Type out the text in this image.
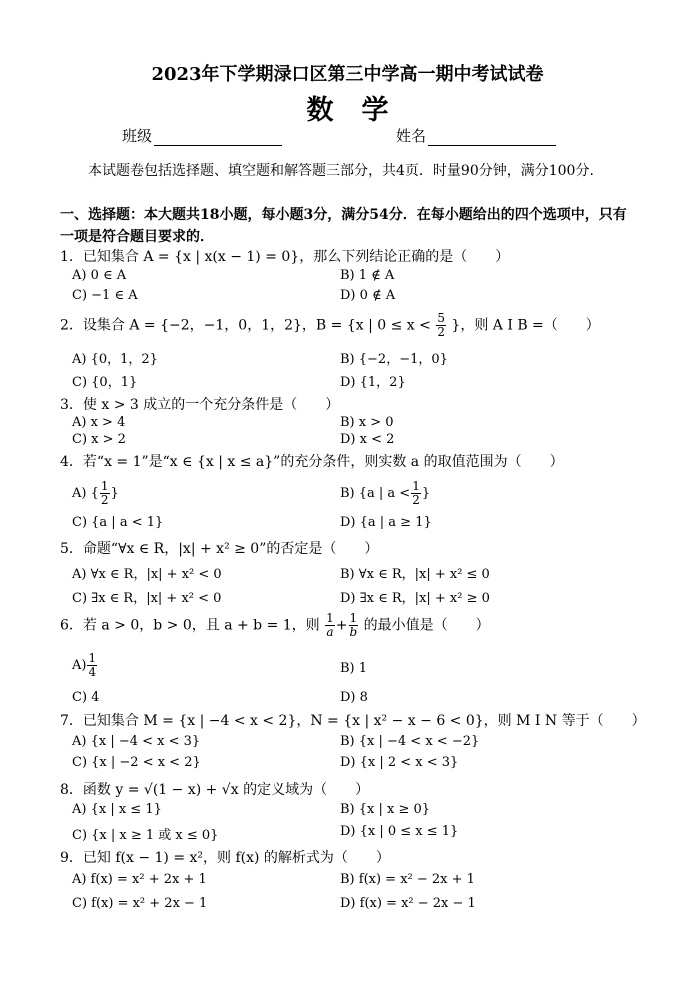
2023年下学期渌口区第三中学高一期中考试试卷
数学
班级	姓名
本试题卷包括选择题、填空题和解答题三部分，共4页．时量90分钟，满分100分．
一、选择题：本大题共18小题，每小题3分，满分54分．在每小题给出的四个选项中，只有一项是符合题目要求的．
1．已知集合 A = {x | x(x − 1) = 0}，那么下列结论正确的是（　　）
A) 0 ∈ A	B) 1 ∉ A
C) −1 ∈ A	D) 0 ∉ A
2．设集合 A = {−2，−1，0，1，2}，B = {x | $0 \le x < \frac{5}{2}$ }，则 A I B =（　　）
A) {0，1，2}	B) {−2，−1，0}
C) {0，1}	D) {1，2}
3．使 x > 3 成立的一个充分条件是（　　）
A) x > 4	B) x > 0
C) x > 2	D) x < 2
4．若“x = 1”是“x ∈ {x | x ≤ a}”的充分条件，则实数 a 的取值范围为（　　）
A) { $\frac{1}{2}$ }	B) {a | $a < \frac{1}{2}$ }
C) {a | a < 1}	D) {a | a ≥ 1}
5．命题“∀x ∈ R，|x| + x² ≥ 0”的否定是（　　）
A) ∀x ∈ R，|x| + x² < 0	B) ∀x ∈ R，|x| + x² ≤ 0
C) ∃x ∈ R，|x| + x² < 0	D) ∃x ∈ R，|x| + x² ≥ 0
6．若 a > 0，b > 0，且 a + b = 1，则 $\frac{1}{a} + \frac{1}{b}$ 的最小值是（　　）
$A) \frac{1}{4}$	B) 1
C) 4	D) 8
7．已知集合 M = {x | −4 < x < 2}，N = {x | x² − x − 6 < 0}，则 M I N 等于（　　）
A) {x | −4 < x < 3}	B) {x | −4 < x < −2}
C) {x | −2 < x < 2}	D) {x | 2 < x < 3}
8．函数 y = √(1 − x) + √x 的定义域为（　　）
A) {x | x ≤ 1}	B) {x | x ≥ 0}
C) {x | x ≥ 1 或 x ≤ 0}	D) {x | 0 ≤ x ≤ 1}
9．已知 f(x − 1) = x²，则 f(x) 的解析式为（　　）
A) f(x) = x² + 2x + 1	B) f(x) = x² − 2x + 1
C) f(x) = x² + 2x − 1	D) f(x) = x² − 2x − 1
